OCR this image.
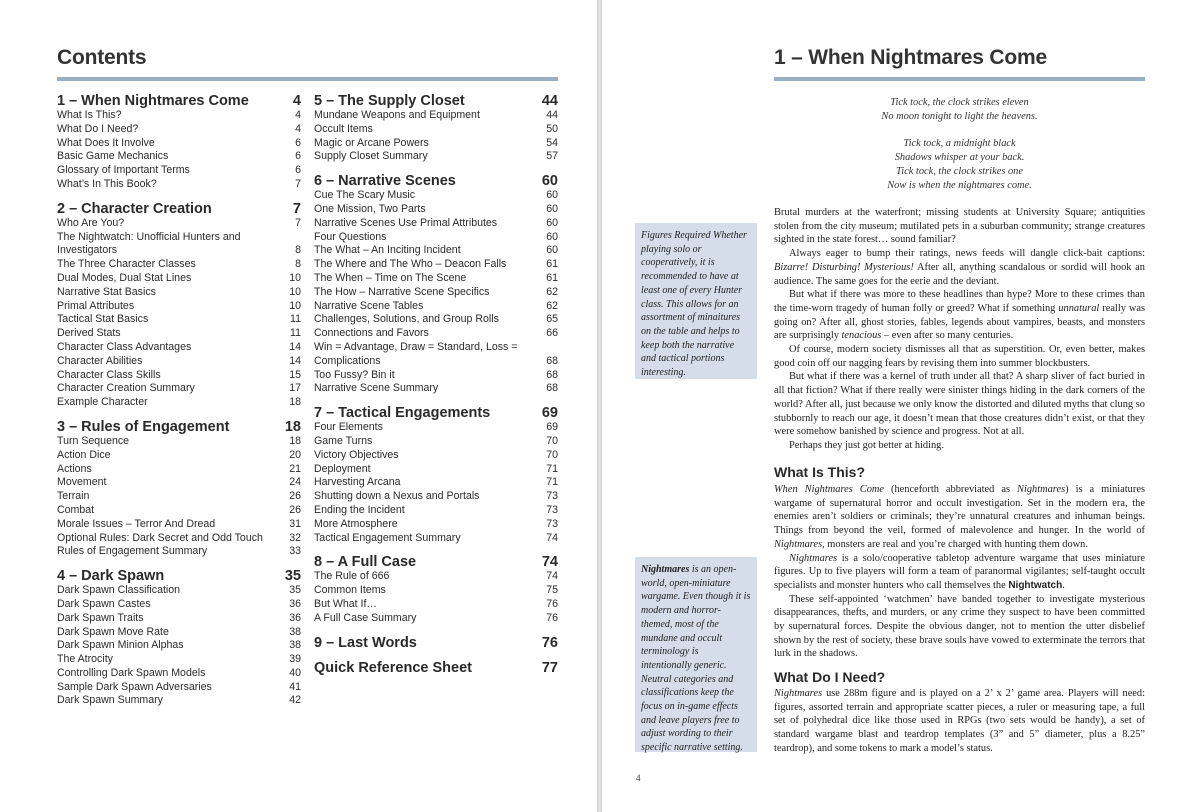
Contents
1 – When Nightmares Come	4
What Is This?	4
What Do I Need?	4
What Does It Involve	6
Basic Game Mechanics	6
Glossary of Important Terms	6
What’s In This Book?	7
2 – Character Creation	7
Who Are You?	7
The Nightwatch: Unofficial Hunters and Investigators	8
The Three Character Classes	8
Dual Modes, Dual Stat Lines	10
Narrative Stat Basics	10
Primal Attributes	10
Tactical Stat Basics	11
Derived Stats	11
Character Class Advantages	14
Character Abilities	14
Character Class Skills	15
Character Creation Summary	17
Example Character	18
3 – Rules of Engagement	18
Turn Sequence	18
Action Dice	20
Actions	21
Movement	24
Terrain	26
Combat	26
Morale Issues – Terror And Dread	31
Optional Rules: Dark Secret and Odd Touch	32
Rules of Engagement Summary	33
4 – Dark Spawn	35
Dark Spawn Classification	35
Dark Spawn Castes	36
Dark Spawn Traits	36
Dark Spawn Move Rate	38
Dark Spawn Minion Alphas	38
The Atrocity	39
Controlling Dark Spawn Models	40
Sample Dark Spawn Adversaries	41
Dark Spawn Summary	42
5 – The Supply Closet	44
Mundane Weapons and Equipment	44
Occult Items	50
Magic or Arcane Powers	54
Supply Closet Summary	57
6 – Narrative Scenes	60
Cue The Scary Music	60
One Mission, Two Parts	60
Narrative Scenes Use Primal Attributes	60
Four Questions	60
The What – An Inciting Incident	60
The Where and The Who – Deacon Falls	61
The When – Time on The Scene	61
The How – Narrative Scene Specifics	62
Narrative Scene Tables	62
Challenges, Solutions, and Group Rolls	65
Connections and Favors	66
Win = Advantage, Draw = Standard, Loss = Complications	68
Too Fussy? Bin it	68
Narrative Scene Summary	68
7 – Tactical Engagements	69
Four Elements	69
Game Turns	70
Victory Objectives	70
Deployment	71
Harvesting Arcana	71
Shutting down a Nexus and Portals	73
Ending the Incident	73
More Atmosphere	73
Tactical Engagement Summary	74
8 – A Full Case	74
The Rule of 666	74
Common Items	75
But What If…	76
A Full Case Summary	76
9 – Last Words	76
Quick Reference Sheet	77
1 – When Nightmares Come
Tick tock, the clock strikes eleven
No moon tonight to light the heavens.
Tick tock, a midnight black
Shadows whisper at your back.
Tick tock, the clock strikes one
Now is when the nightmares come.
Figures Required Whether playing solo or cooperatively, it is recommended to have at least one of every Hunter class. This allows for an assortment of minaitures on the table and helps to keep both the narrative and tactical portions interesting.

Brutal murders at the waterfront; missing students at University Square; antiquities stolen from the city museum; mutilated pets in a suburban community; strange creatures sighted in the state forest… sound familiar?

Always eager to bump their ratings, news feeds will dangle click-bait captions: Bizarre! Disturbing! Mysterious! After all, anything scandalous or sordid will hook an audience. The same goes for the eerie and the deviant.

But what if there was more to these headlines than hype? More to these crimes than the time-worn tragedy of human folly or greed? What if something unnatural really was going on? After all, ghost stories, fables, legends about vampires, beasts, and monsters are surprisingly tenacious – even after so many centuries.

Of course, modern society dismisses all that as superstition. Or, even better, makes good coin off our nagging fears by revising them into summer blockbusters.

But what if there was a kernel of truth under all that? A sharp sliver of fact buried in all that fiction? What if there really were sinister things hiding in the dark corners of the world? After all, just because we only know the distorted and diluted myths that clung so stubbornly to reach our age, it doesn’t mean that those creatures didn’t exist, or that they were somehow banished by science and progress. Not at all.

Perhaps they just got better at hiding.

What Is This?
Nightmares is an open-world, open-miniature wargame. Even though it is modern and horror-themed, most of the mundane and occult terminology is intentionally generic. Neutral categories and classifications keep the focus on in-game effects and leave players free to adjust wording to their specific narrative setting.

When Nightmares Come (henceforth abbreviated as Nightmares) is a miniatures wargame of supernatural horror and occult investigation. Set in the modern era, the enemies aren’t soldiers or criminals; they’re unnatural creatures and inhuman beings. Things from beyond the veil, formed of malevolence and hunger. In the world of Nightmares, monsters are real and you’re charged with hunting them down.

Nightmares is a solo/cooperative tabletop adventure wargame that uses miniature figures. Up to five players will form a team of paranormal vigilantes; self-taught occult specialists and monster hunters who call themselves the Nightwatch.

These self-appointed ‘watchmen’ have banded together to investigate mysterious disappearances, thefts, and murders, or any crime they suspect to have been committed by supernatural forces. Despite the obvious danger, not to mention the utter disbelief shown by the rest of society, these brave souls have vowed to exterminate the terrors that lurk in the shadows.

What Do I Need?

Nightmares use 288m figure and is played on a 2’ x 2’ game area. Players will need: figures, assorted terrain and appropriate scatter pieces, a ruler or measuring tape, a full set of polyhedral dice like those used in RPGs (two sets would be handy), a set of standard wargame blast and teardrop templates (3” and 5” diameter, plus a 8.25” teardrop), and some tokens to mark a model’s status.

4
